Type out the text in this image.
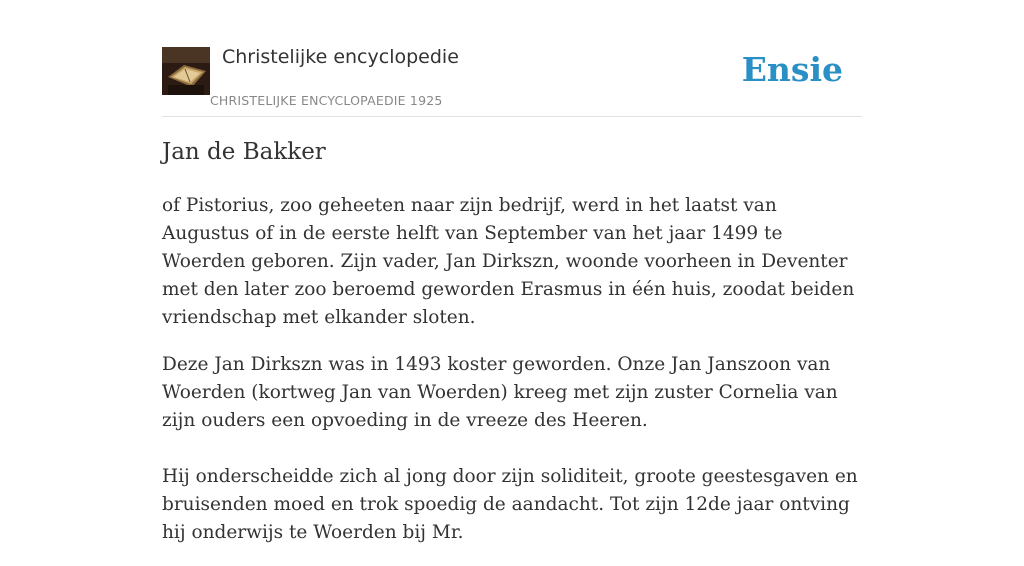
Christelijke encyclopedie
CHRISTELIJKE ENCYCLOPAEDIE 1925
Ensie
Jan de Bakker

of Pistorius, zoo geheeten naar zijn bedrijf, werd in het laatst van Augustus of in de eerste helft van September van het jaar 1499 te Woerden geboren. Zijn vader, Jan Dirkszn, woonde voorheen in Deventer met den later zoo beroemd geworden Erasmus in één huis, zoodat beiden vriendschap met elkander sloten.

Deze Jan Dirkszn was in 1493 koster geworden. Onze Jan Janszoon van Woerden (kortweg Jan van Woerden) kreeg met zijn zuster Cornelia van zijn ouders een opvoeding in de vreeze des Heeren.

Hij onderscheidde zich al jong door zijn soliditeit, groote geestesgaven en bruisenden moed en trok spoedig de aandacht. Tot zijn 12de jaar ontving hij onderwijs te Woerden bij Mr.
